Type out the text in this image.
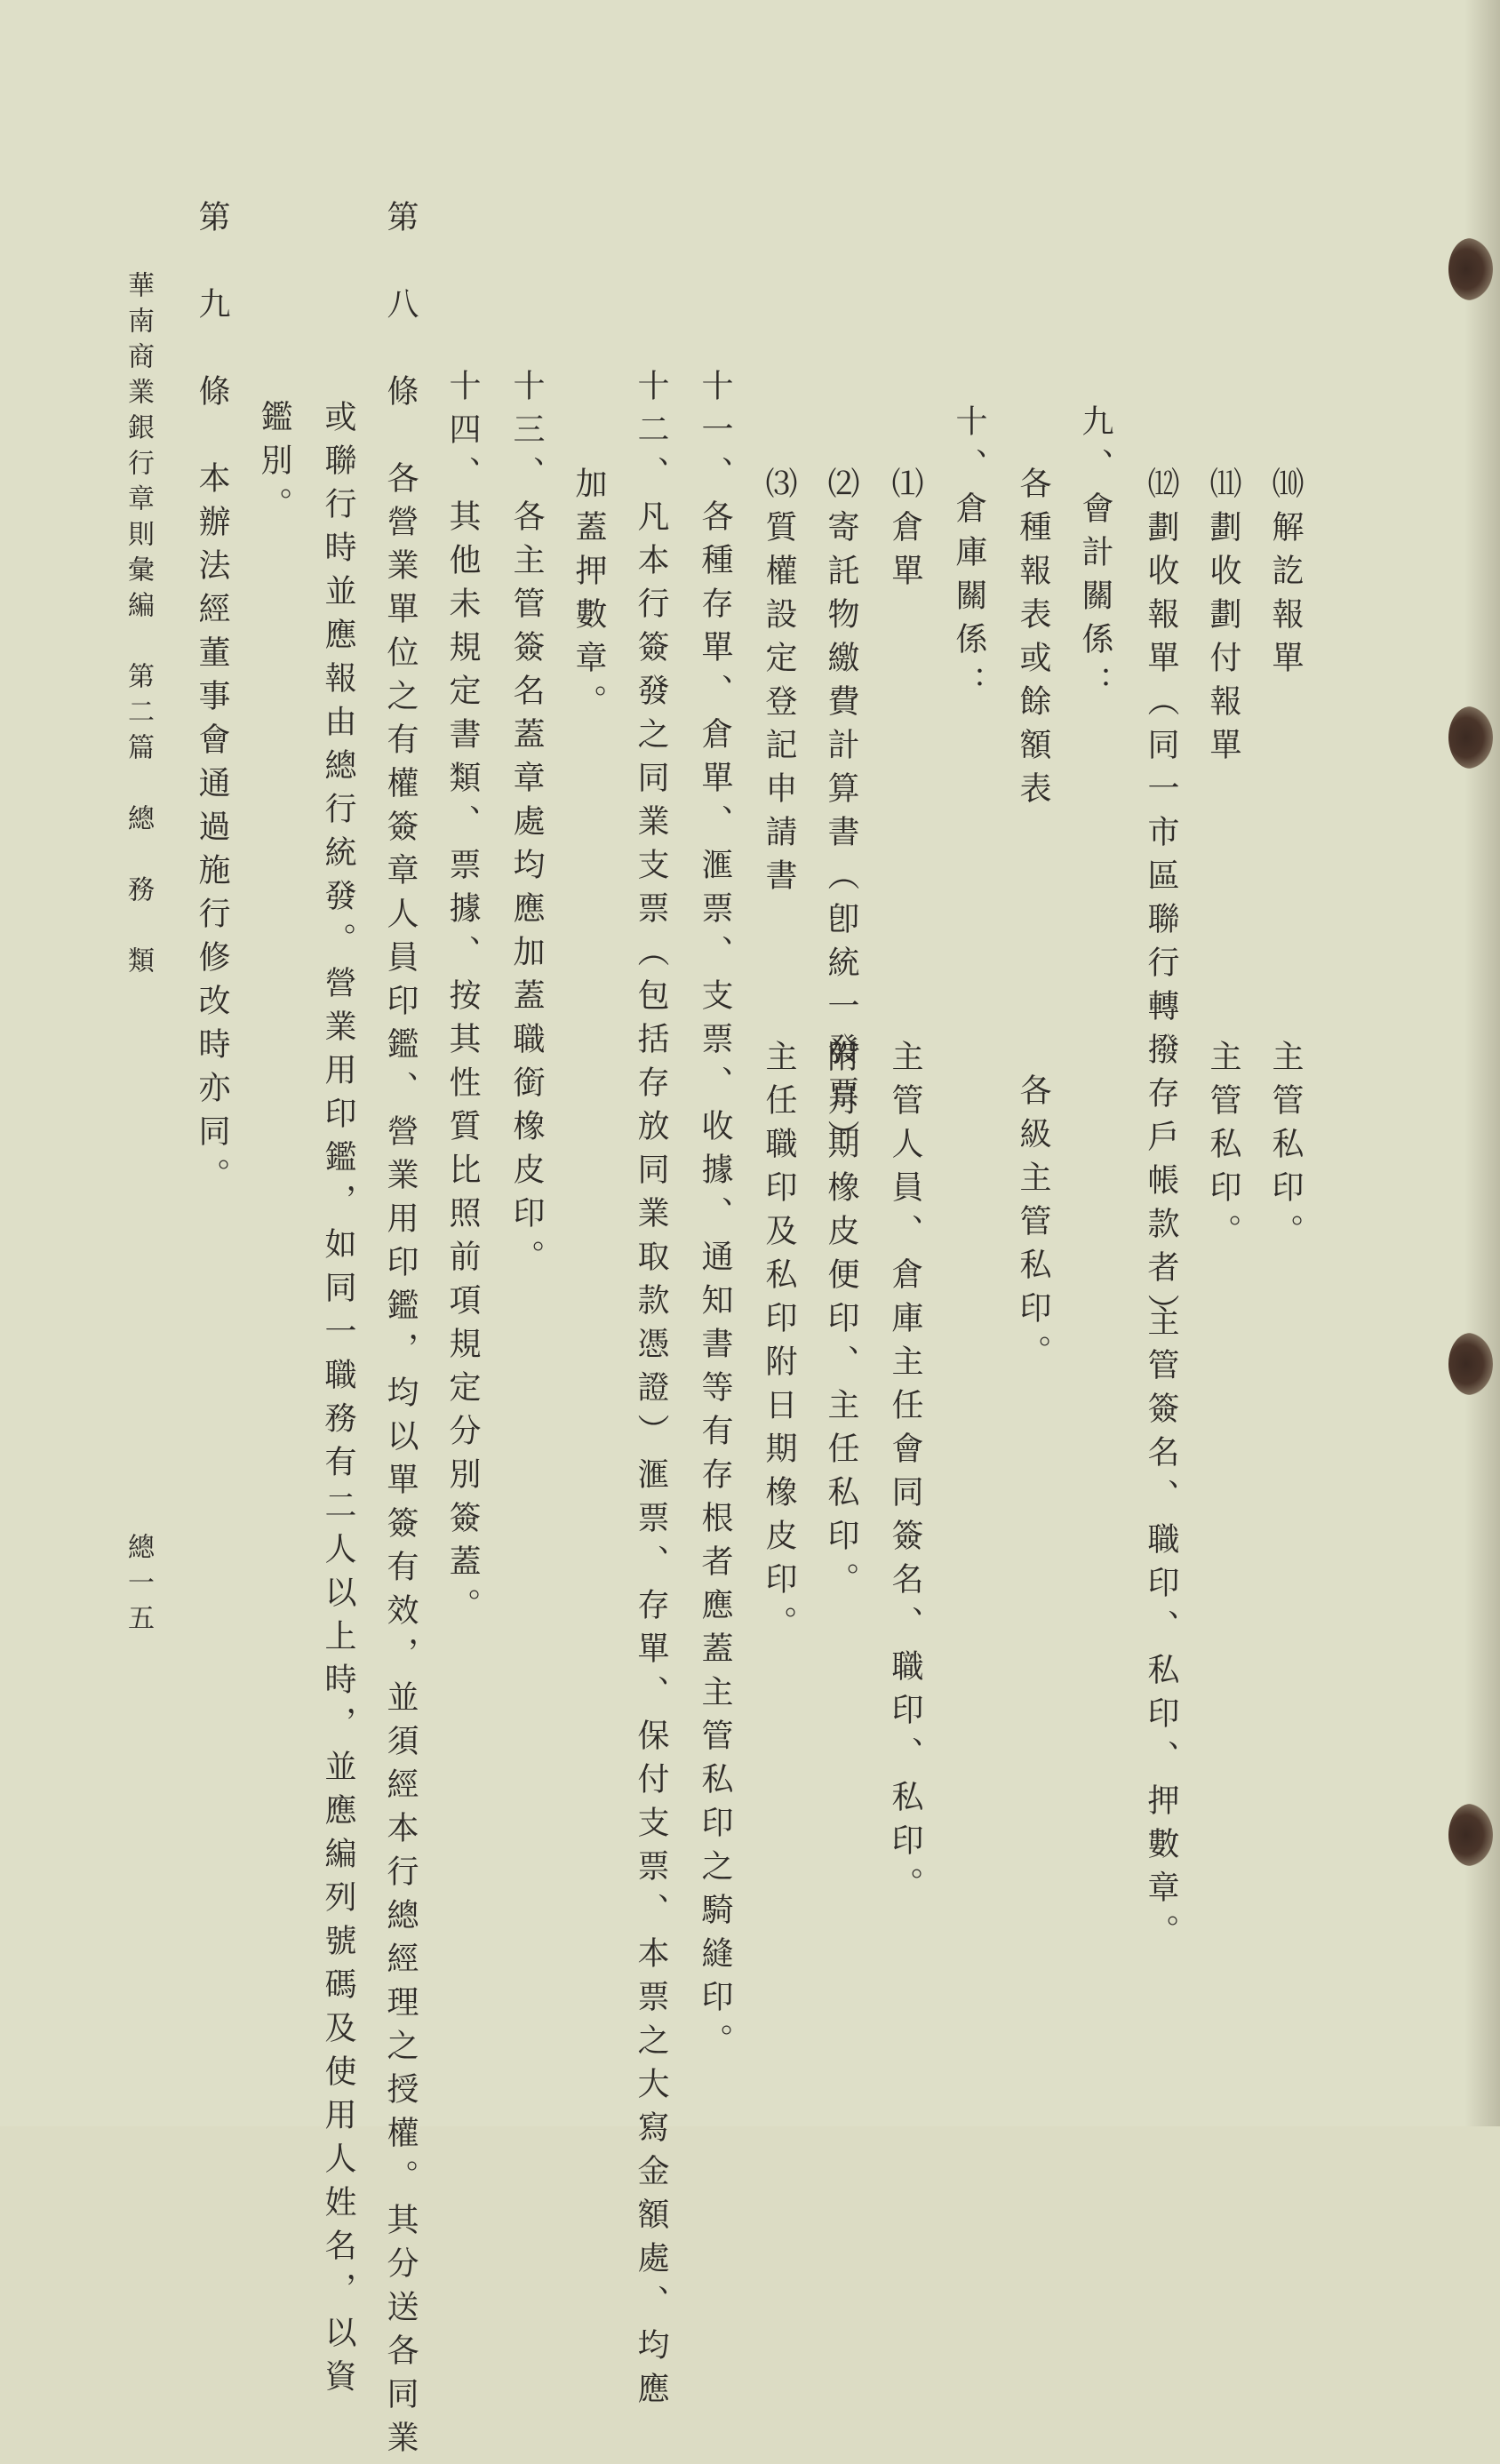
⑽解訖報單
主管私印。
⑾劃收劃付報單
主管私印。
⑿劃收報單（同一市區聯行轉撥存戶帳款者）
主管簽名、職印、私印、押數章。
九、會計關係：
各種報表或餘額表
各級主管私印。
十、倉庫關係：
⑴倉單
主管人員、倉庫主任會同簽名、職印、私印。
⑵寄託物繳費計算書（卽統一發票）
附月期橡皮便印、主任私印。
⑶質權設定登記申請書
主任職印及私印附日期橡皮印。
加蓋押數章。 十二、凡本行簽發之同業支票（包括存放同業取款憑證）滙票、存單、保付支票、本票之大寫金額處、均應 十一、各種存單、倉單、滙票、支票、收據、通知書等有存根者應蓋主管私印之騎縫印。
十三、各主管簽名蓋章處均應加蓋職銜橡皮印。
十四、其他未規定書類、票據、按其性質比照前項規定分別簽蓋。
第　八　條　各營業單位之有權簽章人員印鑑、營業用印鑑，均以單簽有效，並須經本行總經理之授權。其分送各同業
或聯行時並應報由總行統發。營業用印鑑，如同一職務有二人以上時，並應編列號碼及使用人姓名，以資
鑑別。
第　九　條　本辦法經董事會通過施行修改時亦同。
華南商業銀行章則彙編　第二篇　總　務　類
總一五
